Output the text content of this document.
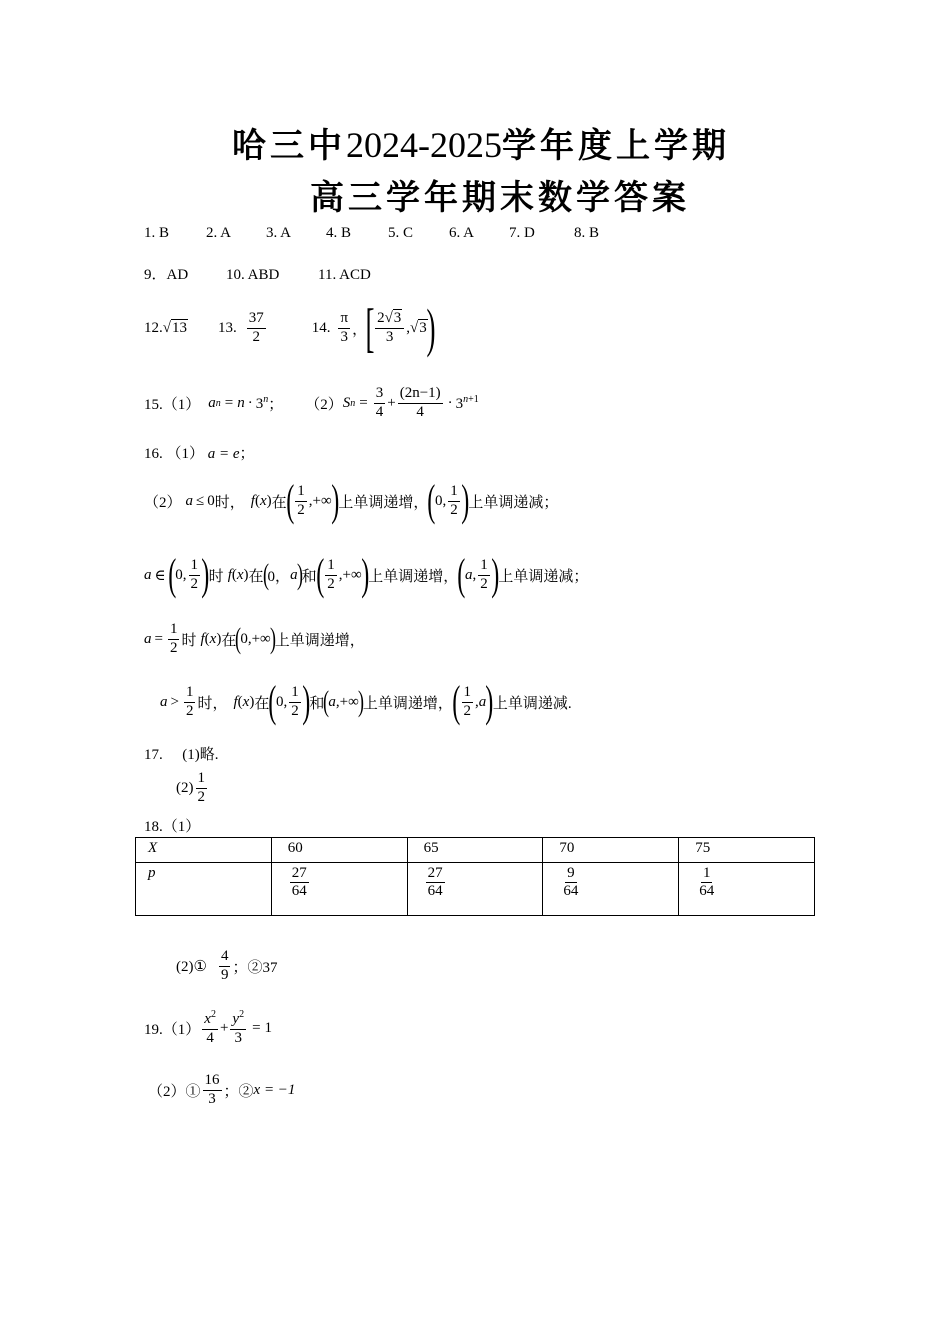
哈三中2024-2025学年度上学期
高三学年期末数学答案
1. B 2. A 3. A 4. B 5. C 6. A 7. D	8. B
9．AD	10. ABD	11. ACD
12. √ 13 13. $\frac{37}{2}$	14. $\frac{\pi}{3}$ ，
[ $\frac{2√3}{3} ,√3$ )
15.（1） a $n = n \cdot 3^n$ ； （2） S $n = \frac{3}{4} + \frac{(2n-1)}{4} \cdot 3^{n+1}$
16. （1） a = e；
（2） a ≤ 0 时， f ( x ) 在 ( $\frac{1}{2}$ ,+∞ ) 上单调递增， ( 0, $\frac{1}{2}$ ) 上单调递减；
a ∈ ( 0, $\frac{1}{2}$ ) 时 f ( x ) 在 ( 0， a ) 和 ( $\frac{1}{2}$ ,+∞ ) 上单调递增， ( a , $\frac{1}{2}$ ) 上单调递减；
$a = \frac{1}{2}$ 时 f ( x ) 在 ( 0,+∞ ) 上单调递增，
$a > \frac{1}{2}$ 时， f ( x ) 在 ( 0, $\frac{1}{2}$ ) 和 ( a ,+∞ ) 上单调递增， ( $\frac{1}{2}$ , a ) 上单调递减.
17. (1)略.
$(2) \frac{1}{2}$
18.（1）
X	60	65	70	75
p	$\frac{27}{64}$	$\frac{27}{64}$	$\frac{9}{64}$	$\frac{1}{64}$
(2)① $\frac{4}{9}$ ；②37
$19.(1) \frac{x^2}{4} + \frac{y^2}{3} = 1$
（2）① $\frac{16}{3}$ ；② x = −1
